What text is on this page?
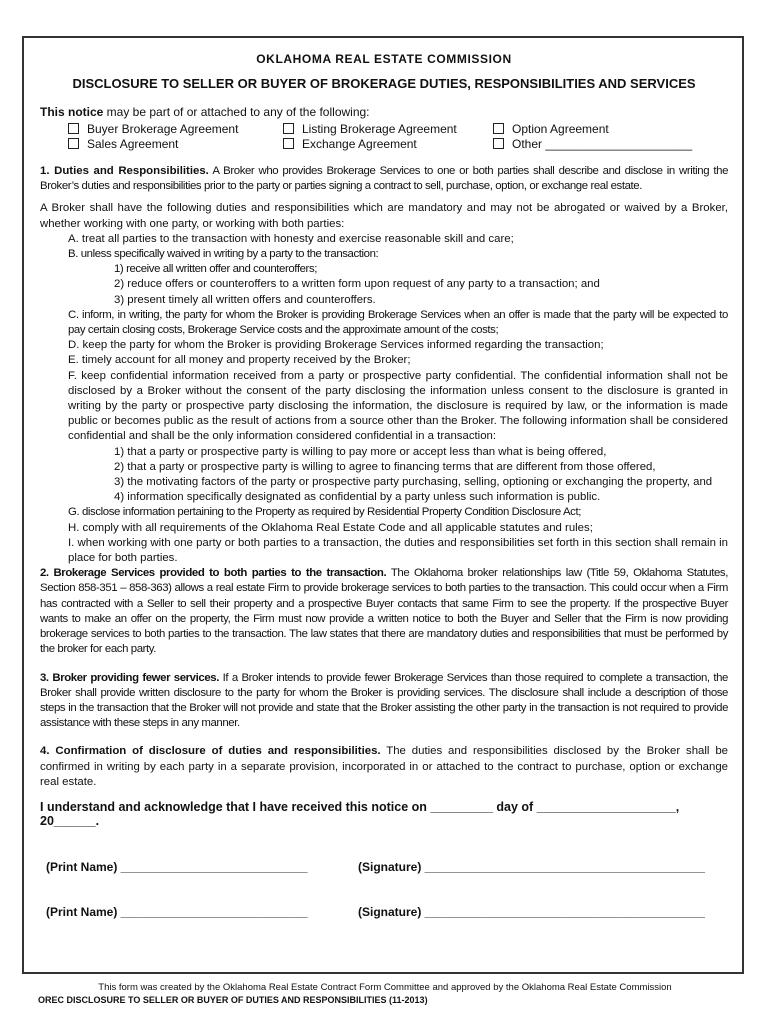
OKLAHOMA REAL ESTATE COMMISSION
DISCLOSURE TO SELLER OR BUYER OF BROKERAGE DUTIES, RESPONSIBILITIES AND SERVICES
This notice may be part of or attached to any of the following:
Buyer Brokerage Agreement	Listing Brokerage Agreement	Option Agreement
Sales Agreement	Exchange Agreement	Other ______________________

1. Duties and Responsibilities. A Broker who provides Brokerage Services to one or both parties shall describe and disclose in writing the Broker’s duties and responsibilities prior to the party or parties signing a contract to sell, purchase, option, or exchange real estate.

A Broker shall have the following duties and responsibilities which are mandatory and may not be abrogated or waived by a Broker, whether working with one party, or working with both parties:

A. treat all parties to the transaction with honesty and exercise reasonable skill and care;

B. unless specifically waived in writing by a party to the transaction:

1) receive all written offer and counteroffers;

2) reduce offers or counteroffers to a written form upon request of any party to a transaction; and

3) present timely all written offers and counteroffers.

C. inform, in writing, the party for whom the Broker is providing Brokerage Services when an offer is made that the party will be expected to pay certain closing costs, Brokerage Service costs and the approximate amount of the costs;

D. keep the party for whom the Broker is providing Brokerage Services informed regarding the transaction;

E. timely account for all money and property received by the Broker;

F. keep confidential information received from a party or prospective party confidential. The confidential information shall not be disclosed by a Broker without the consent of the party disclosing the information unless consent to the disclosure is granted in writing by the party or prospective party disclosing the information, the disclosure is required by law, or the information is made public or becomes public as the result of actions from a source other than the Broker. The following information shall be considered confidential and shall be the only information considered confidential in a transaction:

1) that a party or prospective party is willing to pay more or accept less than what is being offered,

2) that a party or prospective party is willing to agree to financing terms that are different from those offered,

3) the motivating factors of the party or prospective party purchasing, selling, optioning or exchanging the property, and

4) information specifically designated as confidential by a party unless such information is public.

G. disclose information pertaining to the Property as required by Residential Property Condition Disclosure Act;

H. comply with all requirements of the Oklahoma Real Estate Code and all applicable statutes and rules;

I. when working with one party or both parties to a transaction, the duties and responsibilities set forth in this section shall remain in place for both parties.

2. Brokerage Services provided to both parties to the transaction. The Oklahoma broker relationships law (Title 59, Oklahoma Statutes, Section 858-351 – 858-363) allows a real estate Firm to provide brokerage services to both parties to the transaction. This could occur when a Firm has contracted with a Seller to sell their property and a prospective Buyer contacts that same Firm to see the property. If the prospective Buyer wants to make an offer on the property, the Firm must now provide a written notice to both the Buyer and Seller that the Firm is now providing brokerage services to both parties to the transaction. The law states that there are mandatory duties and responsibilities that must be performed by the broker for each party.

3. Broker providing fewer services. If a Broker intends to provide fewer Brokerage Services than those required to complete a transaction, the Broker shall provide written disclosure to the party for whom the Broker is providing services. The disclosure shall include a description of those steps in the transaction that the Broker will not provide and state that the Broker assisting the other party in the transaction is not required to provide assistance with these steps in any manner.

4. Confirmation of disclosure of duties and responsibilities. The duties and responsibilities disclosed by the Broker shall be confirmed in writing by each party in a separate provision, incorporated in or attached to the contract to purchase, option or exchange real estate.

I understand and acknowledge that I have received this notice on _________ day of ____________________, 20______.
(Print Name) ____________________________	(Signature) __________________________________________
(Print Name) ____________________________	(Signature) __________________________________________
This form was created by the Oklahoma Real Estate Contract Form Committee and approved by the Oklahoma Real Estate Commission
OREC DISCLOSURE TO SELLER OR BUYER OF DUTIES AND RESPONSIBILITIES (11-2013)
